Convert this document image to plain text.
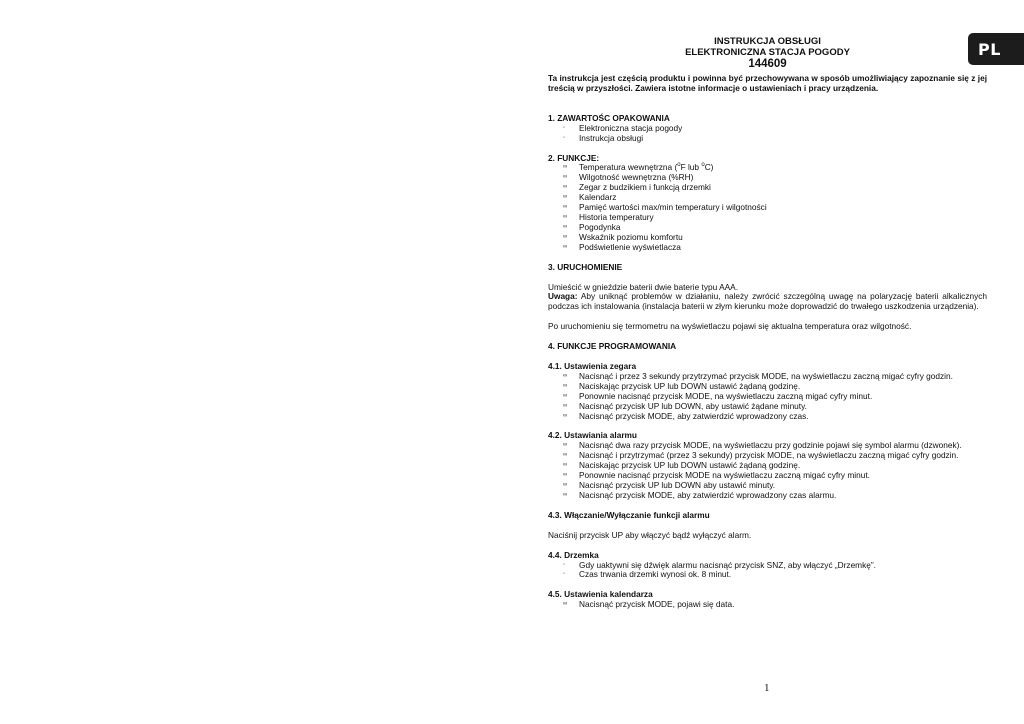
PL
INSTRUKCJA OBSŁUGI
ELEKTRONICZNA STACJA POGODY
144609
Ta instrukcja jest częścią produktu i powinna być przechowywana w sposób umożliwiający zapoznanie się z jej treścią w przyszłości. Zawiera istotne informacje o ustawieniach i pracy urządzenia.
1. ZAWARTOŚC OPAKOWANIA
◦ Elektroniczna stacja pogody
◦ Instrukcja obsługi
2. FUNKCJE:
∞ Temperatura wewnętrzna ($^o$F lub $^o$C)
∞ Wilgotność wewnętrzna (%RH)
∞ Zegar z budzikiem i funkcją drzemki
∞ Kalendarz
∞ Pamięć wartości max/min temperatury i wilgotności
∞ Historia temperatury
∞ Pogodynka
∞ Wskaźnik poziomu komfortu
∞ Podświetlenie wyświetlacza
3. URUCHOMIENIE
Umieścić w gnieździe baterii dwie baterie typu AAA.
Uwaga: Aby uniknąć problemów w działaniu, należy zwrócić szczególną uwagę na polaryzację baterii alkalicznych podczas ich instalowania (instalacja baterii w złym kierunku może doprowadzić do trwałego uszkodzenia urządzenia).
Po uruchomieniu się termometru na wyświetlaczu pojawi się aktualna temperatura oraz wilgotność.
4. FUNKCJE PROGRAMOWANIA
4.1. Ustawienia zegara
∞ Nacisnąć i przez 3 sekundy przytrzymać przycisk MODE, na wyświetlaczu zaczną migać cyfry godzin.
∞ Naciskając przycisk UP lub DOWN ustawić żądaną godzinę.
∞ Ponownie nacisnąć przycisk MODE, na wyświetlaczu zaczną migać cyfry minut.
∞ Nacisnąć przycisk UP lub DOWN, aby ustawić żądane minuty.
∞ Nacisnąć przycisk MODE, aby zatwierdzić wprowadzony czas.
4.2. Ustawiania alarmu
∞ Nacisnąć dwa razy przycisk MODE, na wyświetlaczu przy godzinie pojawi się symbol alarmu (dzwonek).
∞ Nacisnąć i przytrzymać (przez 3 sekundy) przycisk MODE, na wyświetlaczu zaczną migać cyfry godzin.
∞ Naciskając przycisk UP lub DOWN ustawić żądaną godzinę.
∞ Ponownie nacisnąć przycisk MODE na wyświetlaczu zaczną migać cyfry minut.
∞ Nacisnąć przycisk UP lub DOWN aby ustawić minuty.
∞ Nacisnąć przycisk MODE, aby zatwierdzić wprowadzony czas alarmu.
4.3. Włączanie/Wyłączanie funkcji alarmu
Naciśnij przycisk UP aby włączyć bądź wyłączyć alarm.
4.4. Drzemka
◦ Gdy uaktywni się dźwięk alarmu nacisnąć przycisk SNZ, aby włączyć „Drzemkę”.
◦ Czas trwania drzemki wynosi ok. 8 minut.
4.5. Ustawienia kalendarza
∞ Nacisnąć przycisk MODE, pojawi się data.
1
